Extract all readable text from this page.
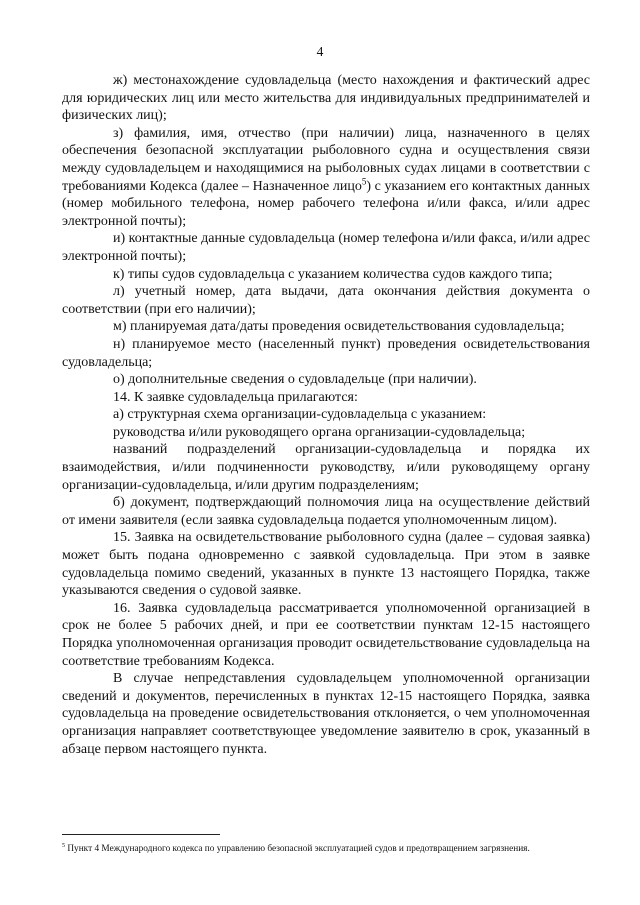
4

ж) местонахождение судовладельца (место нахождения и фактический адрес для юридических лиц или место жительства для индивидуальных предпринимателей и физических лиц);

з) фамилия, имя, отчество (при наличии) лица, назначенного в целях обеспечения безопасной эксплуатации рыболовного судна и осуществления связи между судовладельцем и находящимися на рыболовных судах лицами в соответствии с требованиями Кодекса (далее – Назначенное лицо$^5$) с указанием его контактных данных (номер мобильного телефона, номер рабочего телефона и/или факса, и/или адрес электронной почты);

и) контактные данные судовладельца (номер телефона и/или факса, и/или адрес электронной почты);

к) типы судов судовладельца с указанием количества судов каждого типа;

л) учетный номер, дата выдачи, дата окончания действия документа о соответствии (при его наличии);

м) планируемая дата/даты проведения освидетельствования судовладельца;

н) планируемое место (населенный пункт) проведения освидетельствования судовладельца;

о) дополнительные сведения о судовладельце (при наличии).

14. К заявке судовладельца прилагаются:

а) структурная схема организации-судовладельца с указанием:

руководства и/или руководящего органа организации-судовладельца;

названий подразделений организации-судовладельца и порядка их взаимодействия, и/или подчиненности руководству, и/или руководящему органу организации-судовладельца, и/или другим подразделениям;

б) документ, подтверждающий полномочия лица на осуществление действий от имени заявителя (если заявка судовладельца подается уполномоченным лицом).

15. Заявка на освидетельствование рыболовного судна (далее – судовая заявка) может быть подана одновременно с заявкой судовладельца. При этом в заявке судовладельца помимо сведений, указанных в пункте 13 настоящего Порядка, также указываются сведения о судовой заявке.

16. Заявка судовладельца рассматривается уполномоченной организацией в срок не более 5 рабочих дней, и при ее соответствии пунктам 12-15 настоящего Порядка уполномоченная организация проводит освидетельствование судовладельца на соответствие требованиям Кодекса.

В случае непредставления судовладельцем уполномоченной организации сведений и документов, перечисленных в пунктах 12-15 настоящего Порядка, заявка судовладельца на проведение освидетельствования отклоняется, о чем уполномоченная организация направляет соответствующее уведомление заявителю в срок, указанный в абзаце первом настоящего пункта.

$^5$ Пункт 4 Международного кодекса по управлению безопасной эксплуатацией судов и предотвращением загрязнения.
